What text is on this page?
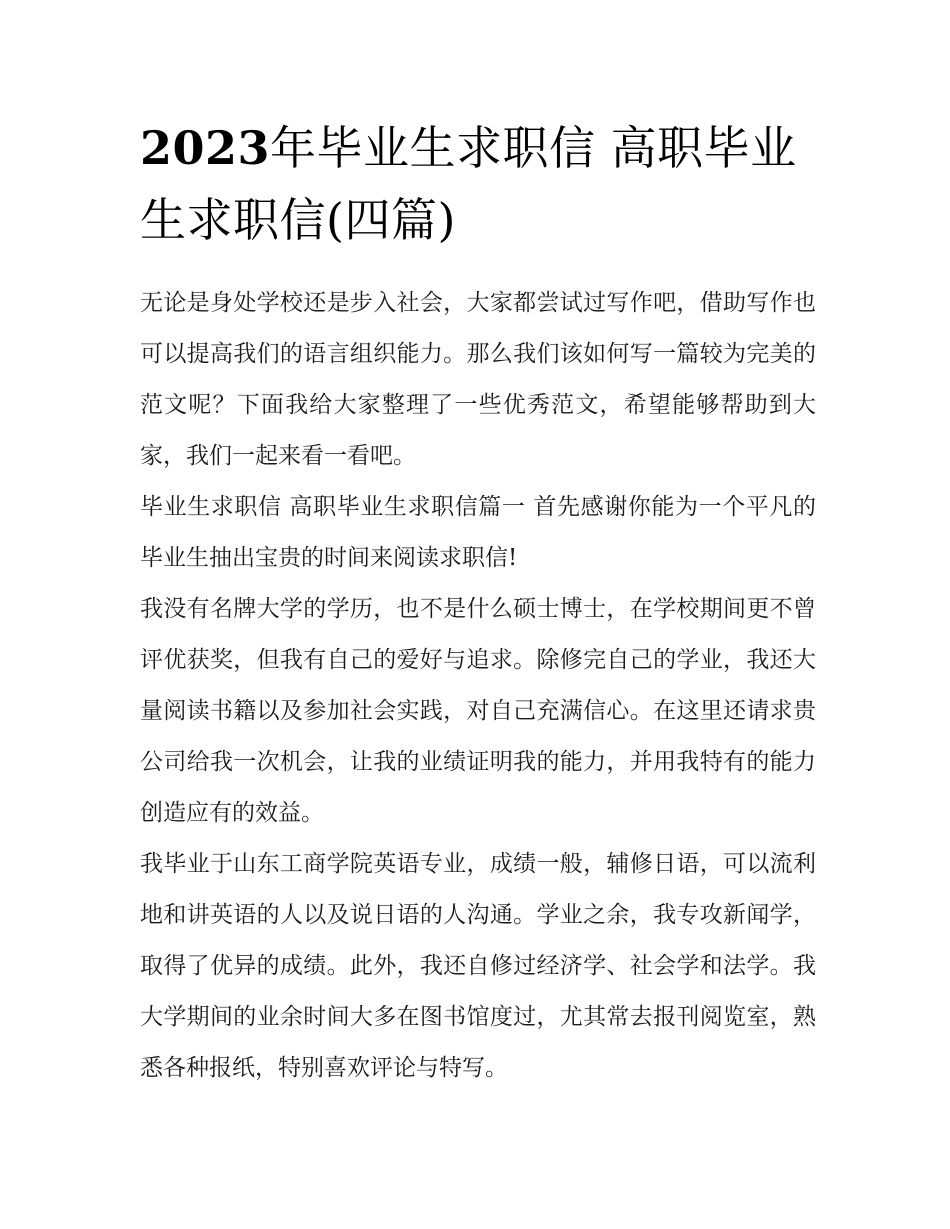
2023年毕业生求职信 高职毕业生求职信(四篇)

无论是身处学校还是步入社会，大家都尝试过写作吧，借助写作也可以提高我们的语言组织能力。那么我们该如何写一篇较为完美的范文呢？下面我给大家整理了一些优秀范文，希望能够帮助到大家，我们一起来看一看吧。

毕业生求职信 高职毕业生求职信篇一 首先感谢你能为一个平凡的毕业生抽出宝贵的时间来阅读求职信!

我没有名牌大学的学历，也不是什么硕士博士，在学校期间更不曾评优获奖，但我有自己的爱好与追求。除修完自己的学业，我还大量阅读书籍以及参加社会实践，对自己充满信心。在这里还请求贵公司给我一次机会，让我的业绩证明我的能力，并用我特有的能力创造应有的效益。

我毕业于山东工商学院英语专业，成绩一般，辅修日语，可以流利地和讲英语的人以及说日语的人沟通。学业之余，我专攻新闻学，取得了优异的成绩。此外，我还自修过经济学、社会学和法学。我大学期间的业余时间大多在图书馆度过，尤其常去报刊阅览室，熟悉各种报纸，特别喜欢评论与特写。
